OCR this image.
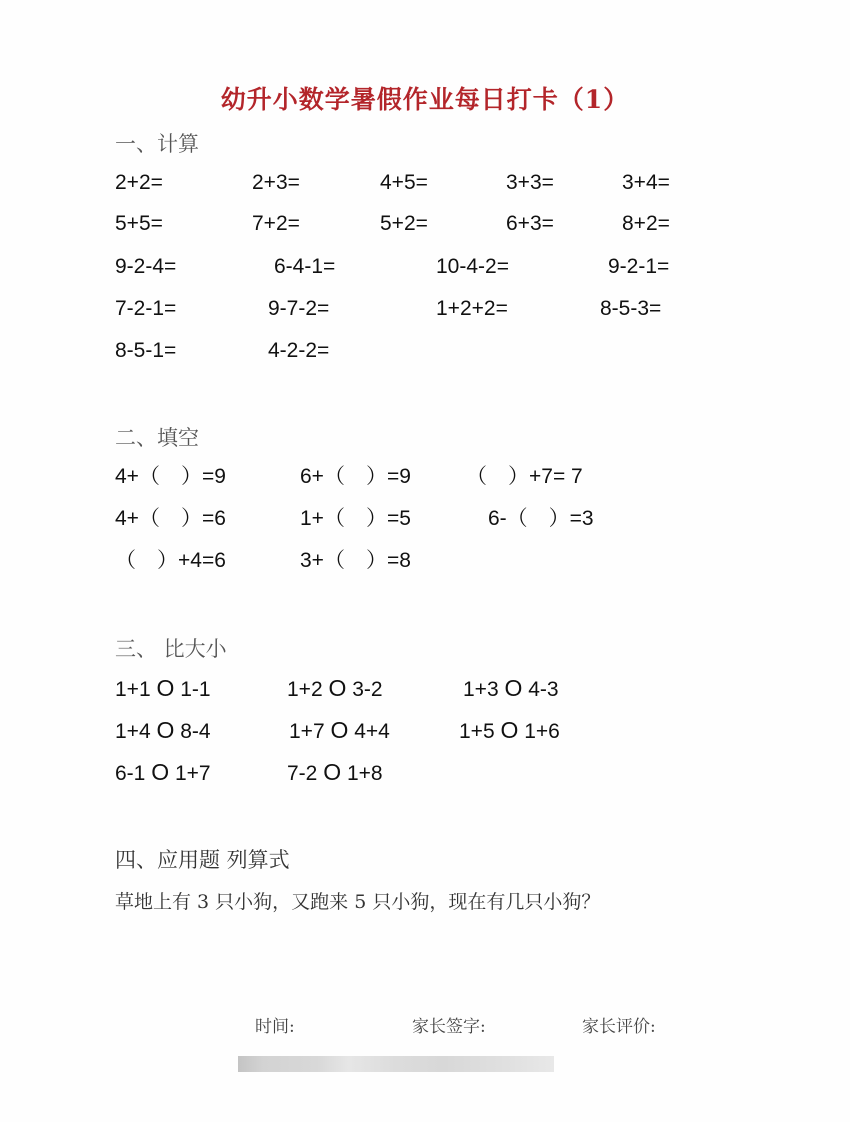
幼升小数学暑假作业每日打卡（1）
一、计算
2+2=	2+3=	4+5=	3+3=	3+4=
5+5=	7+2=	5+2=	6+3=	8+2=
9-2-4=	6-4-1=	10-4-2=	9-2-1=
7-2-1=	9-7-2=	1+2+2=	8-5-3=
8-5-1=	4-2-2=
二、填空
4+（　）=9	6+（　）=9	（　）+7= 7
4+（　）=6	1+（　）=5	6-（　）=3
（　）+4=6	3+（　）=8
三、 比大小
1+1 O 1-1	1+2 O 3-2	1+3 O 4-3
1+4 O 8-4	1+7 O 4+4	1+5 O 1+6
6-1 O 1+7	7-2 O 1+8
四、应用题 列算式
草地上有 3 只小狗，又跑来 5 只小狗，现在有几只小狗？
时间:	家长签字:	家长评价:
